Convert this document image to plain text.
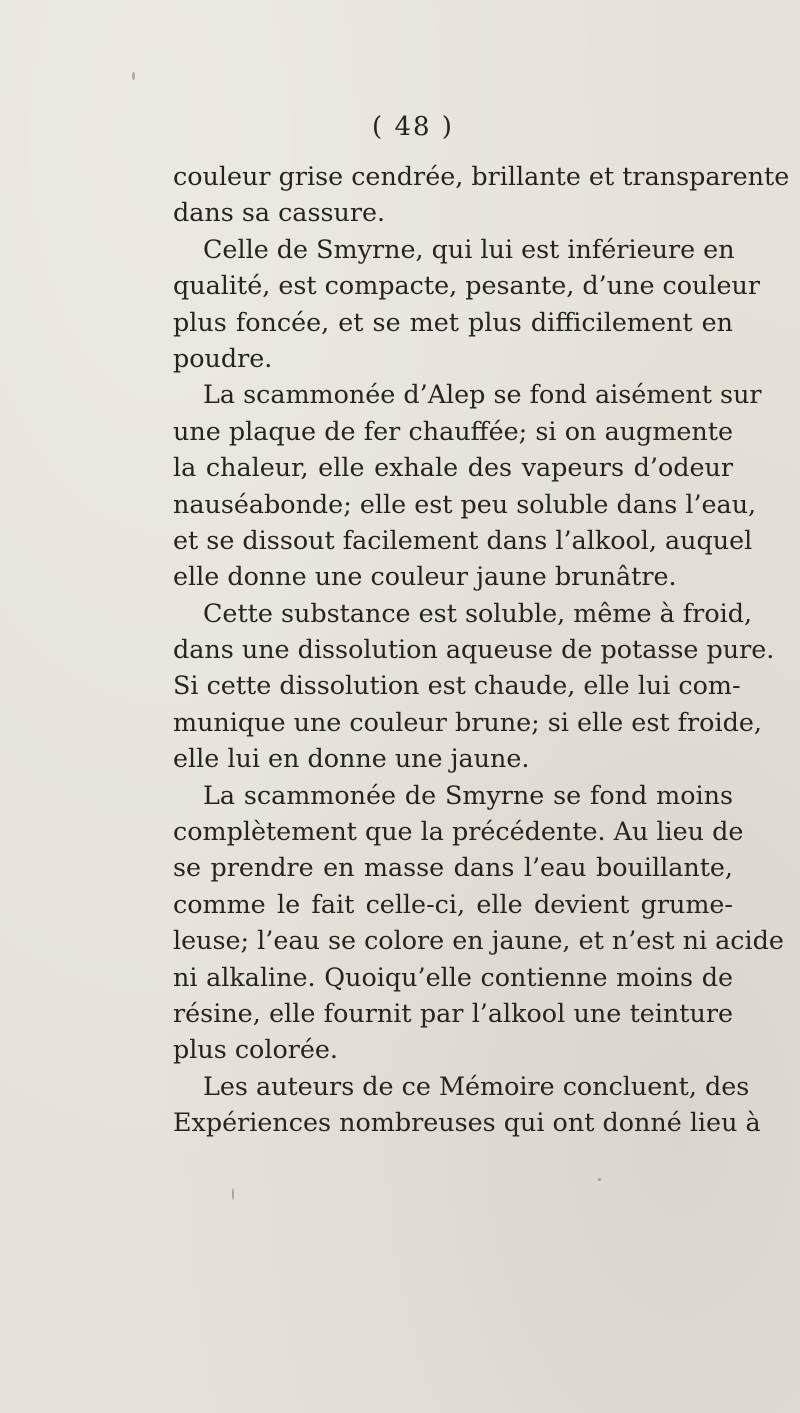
( 48 )
couleur grise cendrée, brillante et transparente
dans sa cassure.
Celle de Smyrne, qui lui est inférieure en
qualité, est compacte, pesante, d’une couleur
plus foncée, et se met plus difficilement en
poudre.
La scammonée d’Alep se fond aisément sur
une plaque de fer chauffée; si on augmente
la chaleur, elle exhale des vapeurs d’odeur
nauséabonde; elle est peu soluble dans l’eau,
et se dissout facilement dans l’alkool, auquel
elle donne une couleur jaune brunâtre.
Cette substance est soluble, même à froid,
dans une dissolution aqueuse de potasse pure.
Si cette dissolution est chaude, elle lui com-
munique une couleur brune; si elle est froide,
elle lui en donne une jaune.
La scammonée de Smyrne se fond moins
complètement que la précédente. Au lieu de
se prendre en masse dans l’eau bouillante,
comme le fait celle-ci, elle devient grume-
leuse; l’eau se colore en jaune, et n’est ni acide
ni alkaline. Quoiqu’elle contienne moins de
résine, elle fournit par l’alkool une teinture
plus colorée.
Les auteurs de ce Mémoire concluent, des
Expériences nombreuses qui ont donné lieu à
